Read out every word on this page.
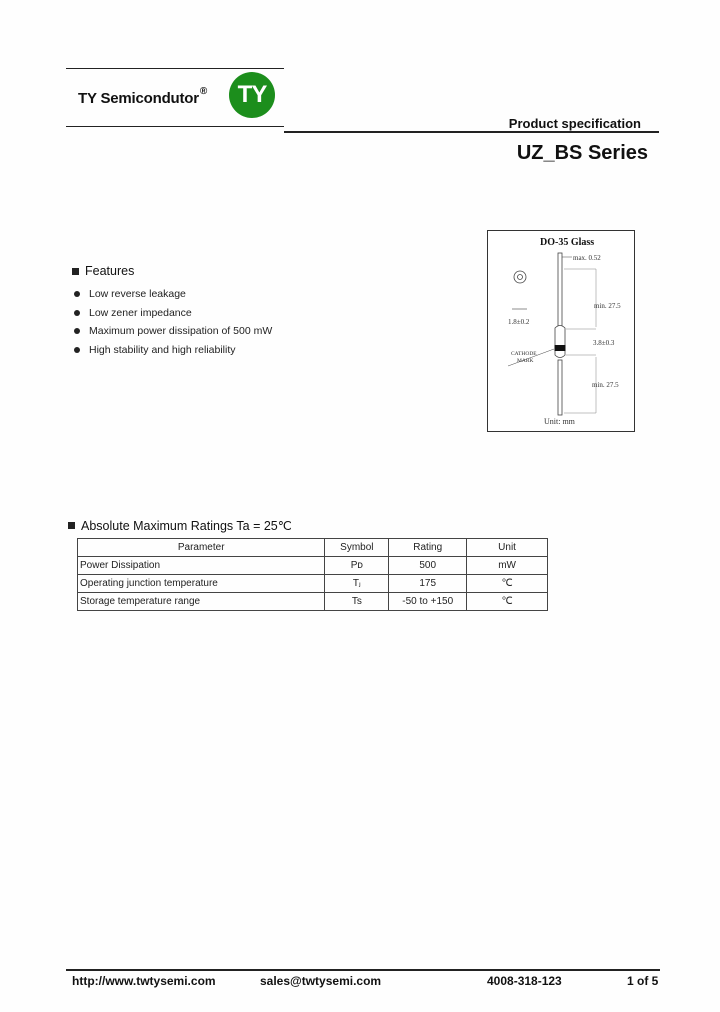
TY Semicondutor® TY
Product specification
UZ_BS Series
Features
Low reverse leakage
Low zener impedance
Maximum power dissipation of 500 mW
High stability and high reliability
DO-35 Glass
1.8±0.2
max. 0.52
min. 27.5
3.8±0.3
CATHODE
MARK
min. 27.5
Unit: mm
Absolute Maximum Ratings Ta = 25℃
Parameter	Symbol	Rating	Unit
Power Dissipation	Pᴅ	500	mW
Operating junction temperature	Tⱼ	175	℃
Storage temperature range	Ts	-50 to +150	℃
http://www.twtysemi.com	sales@twtysemi.com	4008-318-123	1 of 5
